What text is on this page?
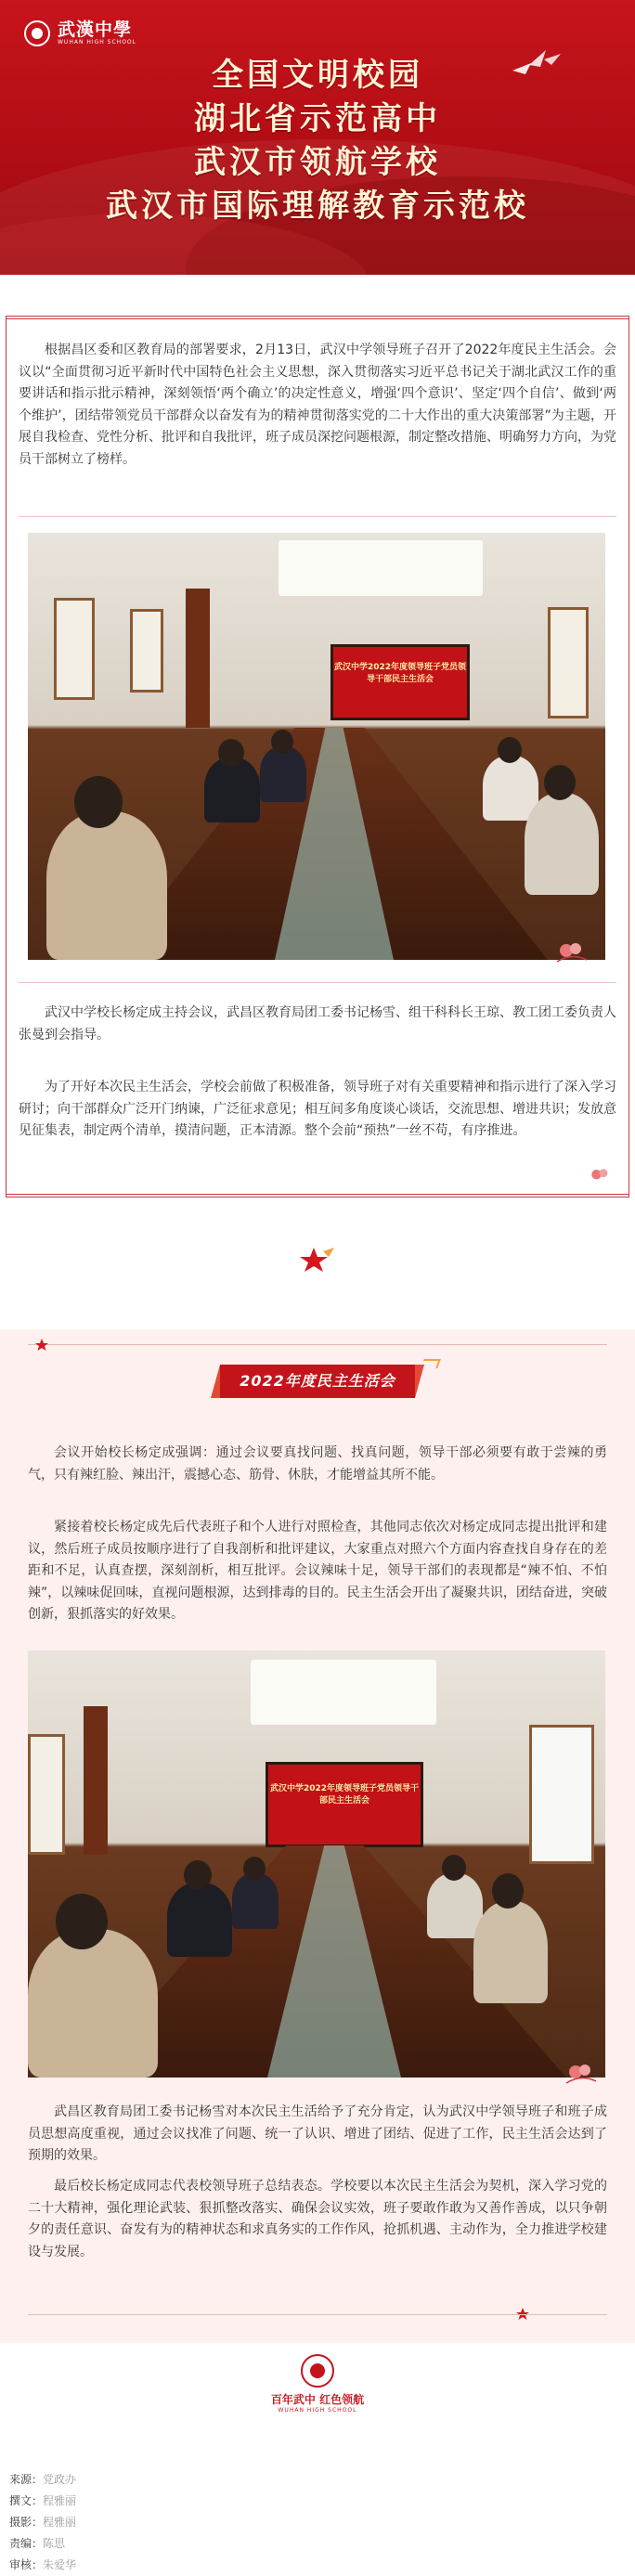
武漢中學
WUHAN HIGH SCHOOL
全国文明校园
湖北省示范高中
武汉市领航学校
武汉市国际理解教育示范校
根据昌区委和区教育局的部署要求，2月13日，武汉中学领导班子召开了2022年度民主生活会。会议以“全面贯彻习近平新时代中国特色社会主义思想，深入贯彻落实习近平总书记关于湖北武汉工作的重要讲话和指示批示精神，深刻领悟‘两个确立’的决定性意义，增强‘四个意识’、坚定‘四个自信’、做到‘两个维护’，团结带领党员干部群众以奋发有为的精神贯彻落实党的二十大作出的重大决策部署”为主题，开展自我检查、党性分析、批评和自我批评，班子成员深挖问题根源，制定整改措施、明确努力方向，为党员干部树立了榜样。
武汉中学2022年度领导班子党员领导干部民主生活会
武汉中学校长杨定成主持会议，武昌区教育局团工委书记杨雪、组干科科长王琼、教工团工委负责人张曼到会指导。
为了开好本次民主生活会，学校会前做了积极准备，领导班子对有关重要精神和指示进行了深入学习研讨；向干部群众广泛开门纳谏，广泛征求意见；相互间多角度谈心谈话，交流思想、增进共识；发放意见征集表，制定两个清单，摸清问题，正本清源。整个会前“预热”一丝不苟，有序推进。
2022年度民主生活会
会议开始校长杨定成强调：通过会议要真找问题、找真问题，领导干部必须要有敢于尝辣的勇气，只有辣红脸、辣出汗，震撼心态、筋骨、休肤，才能增益其所不能。
紧接着校长杨定成先后代表班子和个人进行对照检查，其他同志依次对杨定成同志提出批评和建议，然后班子成员按顺序进行了自我剖析和批评建议，大家重点对照六个方面内容查找自身存在的差距和不足，认真查摆，深刻剖析，相互批评。会议辣味十足，领导干部们的表现都是“辣不怕、不怕辣”，以辣味促回味，直视问题根源，达到排毒的目的。民主生活会开出了凝聚共识，团结奋进，突破创新，狠抓落实的好效果。
武汉中学2022年度领导班子党员领导干部民主生活会
武昌区教育局团工委书记杨雪对本次民主生活给予了充分肯定，认为武汉中学领导班子和班子成员思想高度重视，通过会议找准了问题、统一了认识、增进了团结、促进了工作，民主生活会达到了预期的效果。
最后校长杨定成同志代表校领导班子总结表态。学校要以本次民主生活会为契机，深入学习党的二十大精神，强化理论武装、狠抓整改落实、确保会议实效，班子要敢作敢为又善作善成，以只争朝夕的责任意识、奋发有为的精神状态和求真务实的工作作风，抢抓机遇、主动作为，全力推进学校建设与发展。
百年武中 红色领航
WUHAN HIGH SCHOOL
来源：党政办
撰文：程雅丽
摄影：程雅丽
责编：陈思
审核：朱爱华
